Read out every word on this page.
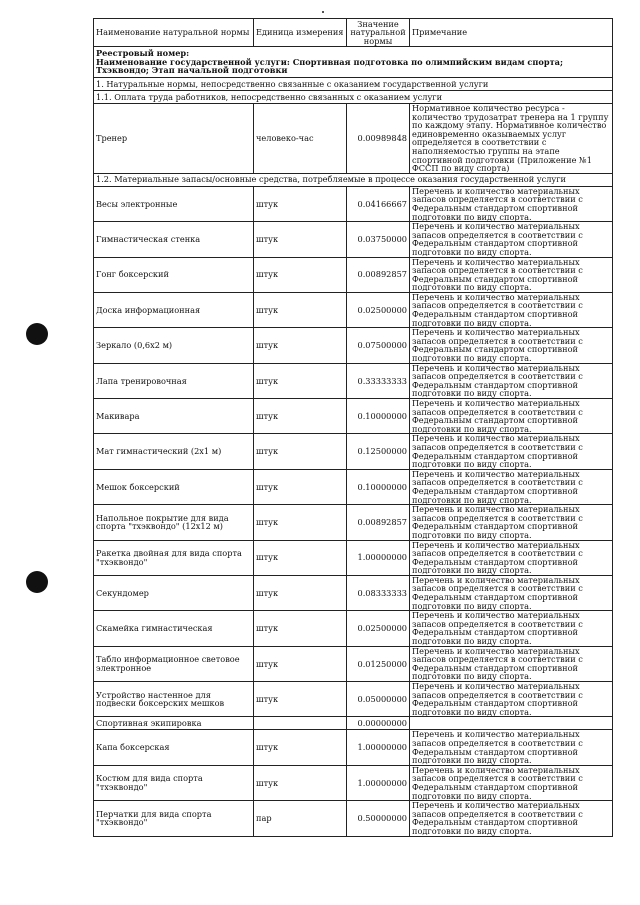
Наименование натуральной нормы	Единица измерения	Значение натуральной нормы	Примечание

Реестровый номер:
Наименование государственной услуги: Спортивная подготовка по олимпийским видам спорта; Тхэквондо; Этап начальной подготовки			

1. Натуральные нормы, непосредственно связанные с оказанием государственной услуги			
1.1. Оплата труда работников, непосредственно связанных с оказанием услуги			
Тренер	человеко-час	0.00989848	Нормативное количество ресурса - количество трудозатрат тренера на 1 группу по каждому этапу. Нормативное количество единовременно оказываемых услуг определяется в соответствии с наполняемостью группы на этапе спортивной подготовки (Приложение №1 ФССП по виду спорта)
1.2. Материальные запасы/основные средства, потребляемые в процессе оказания государственной услуги			
Весы электронные	штук	0.04166667	Перечень и количество материальных запасов определяется в соответствии с Федеральным стандартом спортивной подготовки по виду спорта.
Гимнастическая стенка	штук	0.03750000	Перечень и количество материальных запасов определяется в соответствии с Федеральным стандартом спортивной подготовки по виду спорта.
Гонг боксерский	штук	0.00892857	Перечень и количество материальных запасов определяется в соответствии с Федеральным стандартом спортивной подготовки по виду спорта.
Доска информационная	штук	0.02500000	Перечень и количество материальных запасов определяется в соответствии с Федеральным стандартом спортивной подготовки по виду спорта.
Зеркало (0,6х2 м)	штук	0.07500000	Перечень и количество материальных запасов определяется в соответствии с Федеральным стандартом спортивной подготовки по виду спорта.
Лапа тренировочная	штук	0.33333333	Перечень и количество материальных запасов определяется в соответствии с Федеральным стандартом спортивной подготовки по виду спорта.
Макивара	штук	0.10000000	Перечень и количество материальных запасов определяется в соответствии с Федеральным стандартом спортивной подготовки по виду спорта.
Мат гимнастический (2х1 м)	штук	0.12500000	Перечень и количество материальных запасов определяется в соответствии с Федеральным стандартом спортивной подготовки по виду спорта.
Мешок боксерский	штук	0.10000000	Перечень и количество материальных запасов определяется в соответствии с Федеральным стандартом спортивной подготовки по виду спорта.
Напольное покрытие для вида спорта "тхэквондо" (12х12 м)	штук	0.00892857	Перечень и количество материальных запасов определяется в соответствии с Федеральным стандартом спортивной подготовки по виду спорта.
Ракетка двойная для вида спорта "тхэквондо"	штук	1.00000000	Перечень и количество материальных запасов определяется в соответствии с Федеральным стандартом спортивной подготовки по виду спорта.
Секундомер	штук	0.08333333	Перечень и количество материальных запасов определяется в соответствии с Федеральным стандартом спортивной подготовки по виду спорта.
Скамейка гимнастическая	штук	0.02500000	Перечень и количество материальных запасов определяется в соответствии с Федеральным стандартом спортивной подготовки по виду спорта.
Табло информационное световое электронное	штук	0.01250000	Перечень и количество материальных запасов определяется в соответствии с Федеральным стандартом спортивной подготовки по виду спорта.
Устройство настенное для подвески боксерских мешков	штук	0.05000000	Перечень и количество материальных запасов определяется в соответствии с Федеральным стандартом спортивной подготовки по виду спорта.
Спортивная экипировка		0.00000000	
Капа боксерская	штук	1.00000000	Перечень и количество материальных запасов определяется в соответствии с Федеральным стандартом спортивной подготовки по виду спорта.
Костюм для вида спорта "тхэквондо"	штук	1.00000000	Перечень и количество материальных запасов определяется в соответствии с Федеральным стандартом спортивной подготовки по виду спорта.
Перчатки для вида спорта "тхэквондо"	пар	0.50000000	Перечень и количество материальных запасов определяется в соответствии с Федеральным стандартом спортивной подготовки по виду спорта.
